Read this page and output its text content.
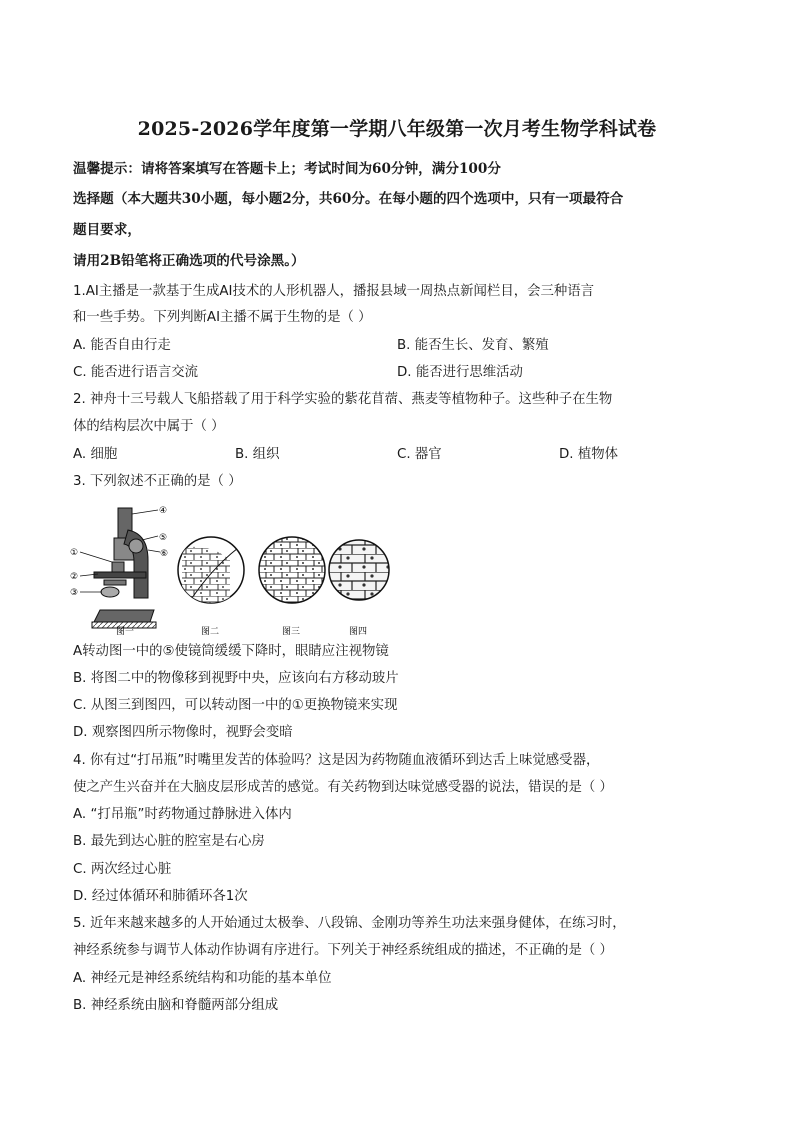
2025-2026学年度第一学期八年级第一次月考生物学科试卷
温馨提示：请将答案填写在答题卡上；考试时间为60分钟，满分100分
选择题（本大题共30小题，每小题2分，共60分。在每小题的四个选项中，只有一项最符合
题目要求，
请用2B铅笔将正确选项的代号涂黑。）
1.AI主播是一款基于生成AI技术的人形机器人，播报县域一周热点新闻栏目，会三种语言
和一些手势。下列判断AI主播不属于生物的是（ ）
A. 能否自由行走	B. 能否生长、发育、繁殖
C. 能否进行语言交流	D. 能否进行思维活动
2. 神舟十三号载人飞船搭载了用于科学实验的紫花苜蓿、燕麦等植物种子。这些种子在生物
体的结构层次中属于（ ）
A. 细胞	B. 组织	C. 器官	D. 植物体
3. 下列叙述不正确的是（ ）
④
⑤
⑥
①
②
③
图一	图二	图三	图四
A转动图一中的⑤使镜筒缓缓下降时，眼睛应注视物镜
B. 将图二中的物像移到视野中央，应该向右方移动玻片
C. 从图三到图四，可以转动图一中的①更换物镜来实现
D. 观察图四所示物像时，视野会变暗
4. 你有过“打吊瓶”时嘴里发苦的体验吗？这是因为药物随血液循环到达舌上味觉感受器，
使之产生兴奋并在大脑皮层形成苦的感觉。有关药物到达味觉感受器的说法，错误的是（ ）
A. “打吊瓶”时药物通过静脉进入体内
B. 最先到达心脏的腔室是右心房
C. 两次经过心脏
D. 经过体循环和肺循环各1次
5. 近年来越来越多的人开始通过太极拳、八段锦、金刚功等养生功法来强身健体，在练习时，
神经系统参与调节人体动作协调有序进行。下列关于神经系统组成的描述，不正确的是（ ）
A. 神经元是神经系统结构和功能的基本单位
B. 神经系统由脑和脊髓两部分组成
